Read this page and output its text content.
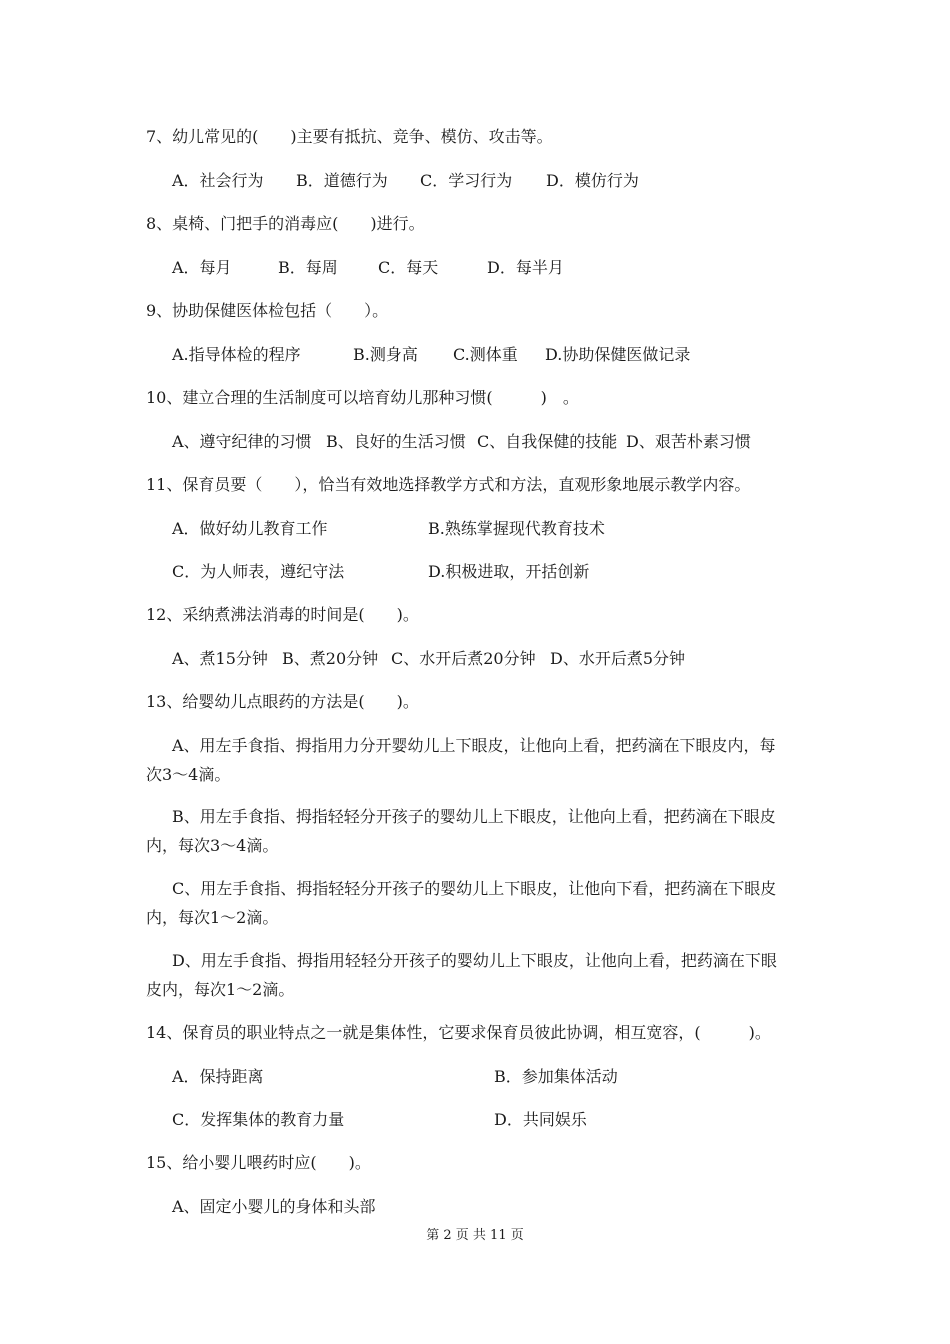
7、幼儿常见的(　　)主要有抵抗、竞争、模仿、攻击等。
A．社会行为 B．道德行为 C．学习行为 D．模仿行为
8、桌椅、门把手的消毒应(　　)进行。
A．每月	B．每周	C．每天	D．每半月
9、协助保健医体检包括（　　）。
A.指导体检的程序	B.测身高 C.测体重 D.协助保健医做记录
10、建立合理的生活制度可以培育幼儿那种习惯(　　　)　。
A、遵守纪律的习惯 B、良好的生活习惯 C、自我保健的技能 D、艰苦朴素习惯
11、保育员要（　　），恰当有效地选择教学方式和方法，直观形象地展示教学内容。
A．做好幼儿教育工作	B.熟练掌握现代教育技术
C．为人师表，遵纪守法	D.积极进取，开括创新
12、采纳煮沸法消毒的时间是(　　)。
A、煮15分钟 B、煮20分钟 C、水开后煮20分钟 D、水开后煮5分钟
13、给婴幼儿点眼药的方法是(　　)。
A、用左手食指、拇指用力分开婴幼儿上下眼皮，让他向上看，把药滴在下眼皮内，每
次3～4滴。
B、用左手食指、拇指轻轻分开孩子的婴幼儿上下眼皮，让他向上看，把药滴在下眼皮
内，每次3～4滴。
C、用左手食指、拇指轻轻分开孩子的婴幼儿上下眼皮，让他向下看，把药滴在下眼皮
内，每次1～2滴。
D、用左手食指、拇指用轻轻分开孩子的婴幼儿上下眼皮，让他向上看，把药滴在下眼
皮内，每次1～2滴。
14、保育员的职业特点之一就是集体性，它要求保育员彼此协调，相互宽容，(　　　)。
A．保持距离	B．参加集体活动
C．发挥集体的教育力量	D．共同娱乐
15、给小婴儿喂药时应(　　)。
A、固定小婴儿的身体和头部
第 2 页 共 11 页
